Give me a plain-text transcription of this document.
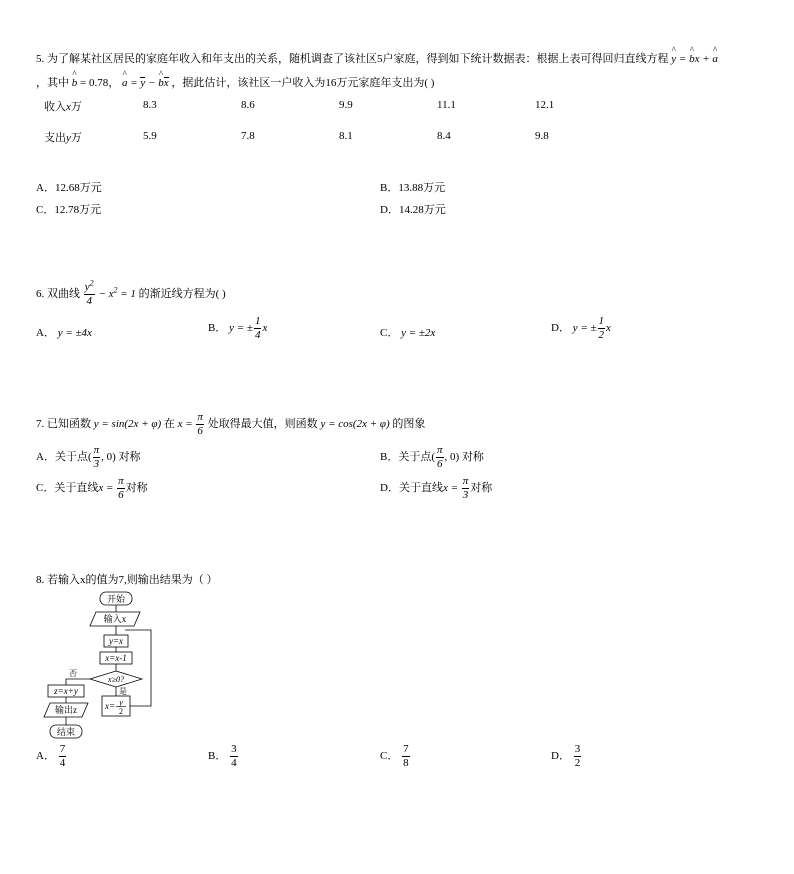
5. 为了解某社区居民的家庭年收入和年支出的关系，随机调查了该社区5户家庭，得到如下统计数据表：根据上表可得回归直线方程 ^ y = ^ bx + ^ a
，其中 ^ b = 0.78， ^ a = y − ^ bx ，据此估计，该社区一户收入为16万元家庭年支出为( )
收入x万	8.3	8.6	9.9	11.1	12.1
支出y万	5.9	7.8	8.1	8.4	9.8
A．12.68万元	B．13.88万元
C．12.78万元	D．14.28万元
6. 双曲线 $\frac{y^2}{4} - x^2 = 1$ 的渐近线方程为( )
A． y = ±4x	B． y = ± $\frac{1}{4}$ x	C． y = ±2x	D． y = ± $\frac{1}{2}$ x
7. 已知函数 y = sin(2x + φ) 在 $x = \frac{\pi}{6}$ 处取得最大值，则函数 y = cos(2x + φ) 的图象
A．关于点( $\frac{\pi}{3}$ , 0) 对称	B．关于点( $\frac{\pi}{6}$ , 0) 对称
C．关于直线$x = \frac{\pi}{6}$ 对称	D．关于直线$x = \frac{\pi}{3}$ 对称
8. 若输入x的值为7,则输出结果为（ ）
开始
输入x
y=x
x=x-1
x≥0?
否
是
x= y
2
z=x+y
输出z
结束
A． $\frac{7}{4}$	B． $\frac{3}{4}$	C． $\frac{7}{8}$	D． $\frac{3}{2}$
